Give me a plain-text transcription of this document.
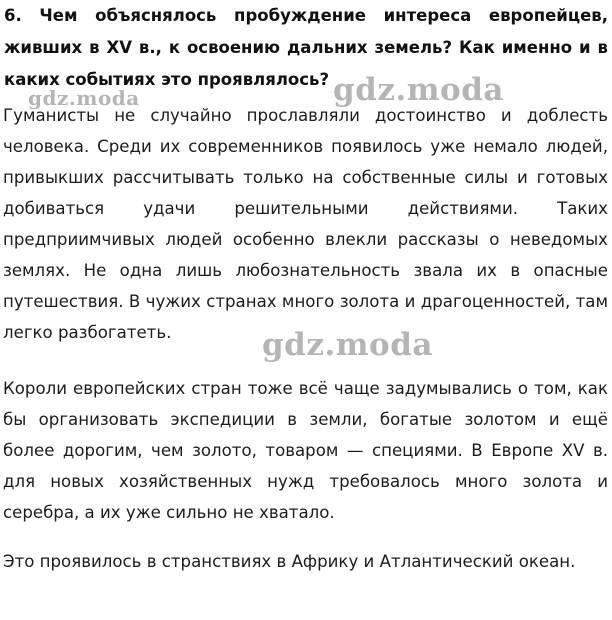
6. Чем объяснялось пробуждение интереса европейцев, живших в XV в., к освоению дальних земель? Как именно и в каких событиях это проявлялось?
Гуманисты не случайно прославляли достоинство и доблесть человека. Среди их современников появилось уже немало людей, привыкших рассчитывать только на собственные силы и готовых добиваться удачи решительными действиями. Таких предприимчивых людей особенно влекли рассказы о неведомых землях. Не одна лишь любознательность звала их в опасные путешествия. В чужих странах много золота и драгоценностей, там легко разбогатеть.
Короли европейских стран тоже всё чаще задумывались о том, как бы организовать экспедиции в земли, богатые золотом и ещё более дорогим, чем золото, товаром — специями. В Европе XV в. для новых хозяйственных нужд требовалось много золота и серебра, а их уже сильно не хватало.
Это проявилось в странствиях в Африку и Атлантический океан.
gdz.moda	gdz.moda
gdz.moda
